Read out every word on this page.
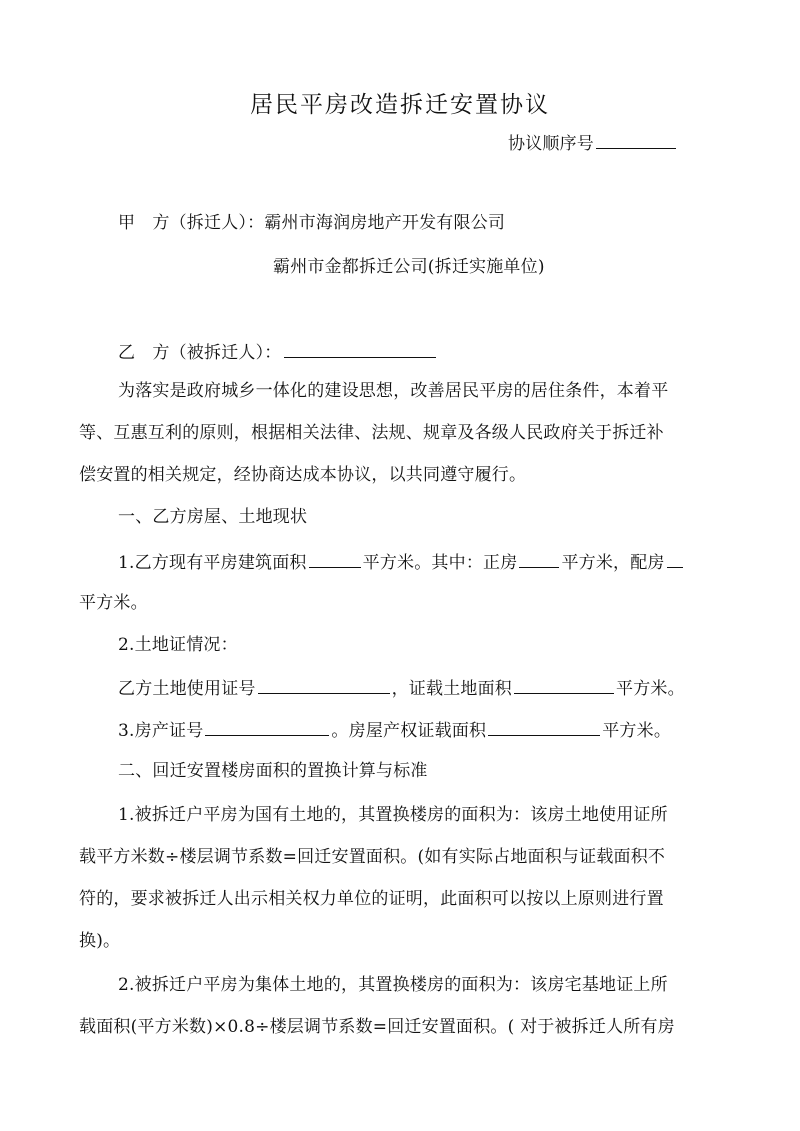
居民平房改造拆迁安置协议
协议顺序号
甲　方（拆迁人）：霸州市海润房地产开发有限公司
霸州市金都拆迁公司(拆迁实施单位)
乙　方（被拆迁人）：
为落实是政府城乡一体化的建设思想，改善居民平房的居住条件，本着平
等、互惠互利的原则，根据相关法律、法规、规章及各级人民政府关于拆迁补
偿安置的相关规定，经协商达成本协议，以共同遵守履行。
一、乙方房屋、土地现状
1.乙方现有平房建筑面积	平方米。其中：正房	平方米，配房
平方米。
2.土地证情况：
乙方土地使用证号	，证载土地面积	平方米。
3.房产证号	。房屋产权证载面积	平方米。
二、回迁安置楼房面积的置换计算与标准
1.被拆迁户平房为国有土地的，其置换楼房的面积为：该房土地使用证所
载平方米数÷楼层调节系数=回迁安置面积。(如有实际占地面积与证载面积不
符的，要求被拆迁人出示相关权力单位的证明，此面积可以按以上原则进行置
换)。
2.被拆迁户平房为集体土地的，其置换楼房的面积为：该房宅基地证上所
载面积(平方米数)×0.8÷楼层调节系数=回迁安置面积。( 对于被拆迁人所有房
